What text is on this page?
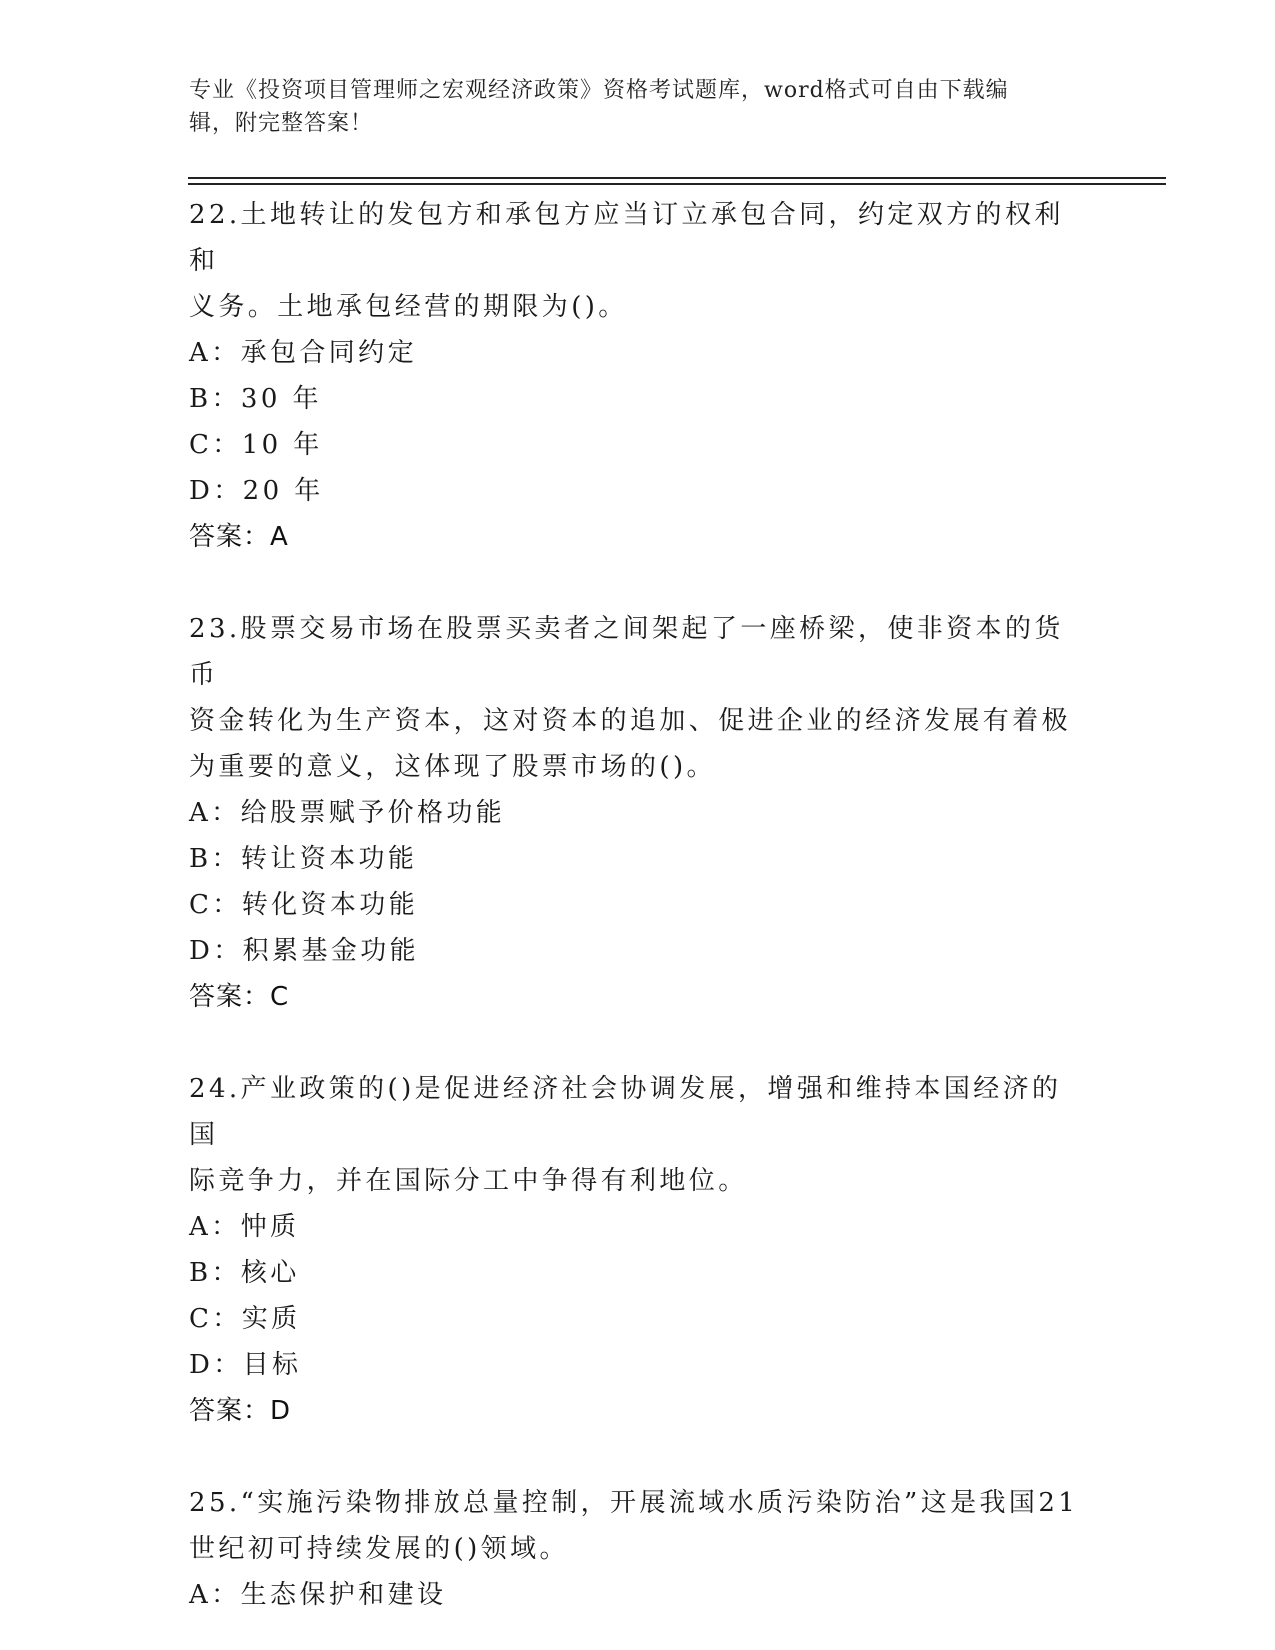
专业《投资项目管理师之宏观经济政策》资格考试题库，word格式可自由下载编
辑，附完整答案！

22.土地转让的发包方和承包方应当订立承包合同，约定双方的权利和

义务。土地承包经营的期限为()。

A：承包合同约定

B：30 年

C：10 年

D：20 年

答案：A

23.股票交易市场在股票买卖者之间架起了一座桥梁，使非资本的货币

资金转化为生产资本，这对资本的追加、促进企业的经济发展有着极

为重要的意义，这体现了股票市场的()。

A：给股票赋予价格功能

B：转让资本功能

C：转化资本功能

D：积累基金功能

答案：C

24.产业政策的()是促进经济社会协调发展，增强和维持本国经济的国

际竞争力，并在国际分工中争得有利地位。

A：忡质

B：核心

C：实质

D：目标

答案：D

25.“实施污染物排放总量控制，开展流域水质污染防治”这是我国21

世纪初可持续发展的()领域。

A：生态保护和建设
